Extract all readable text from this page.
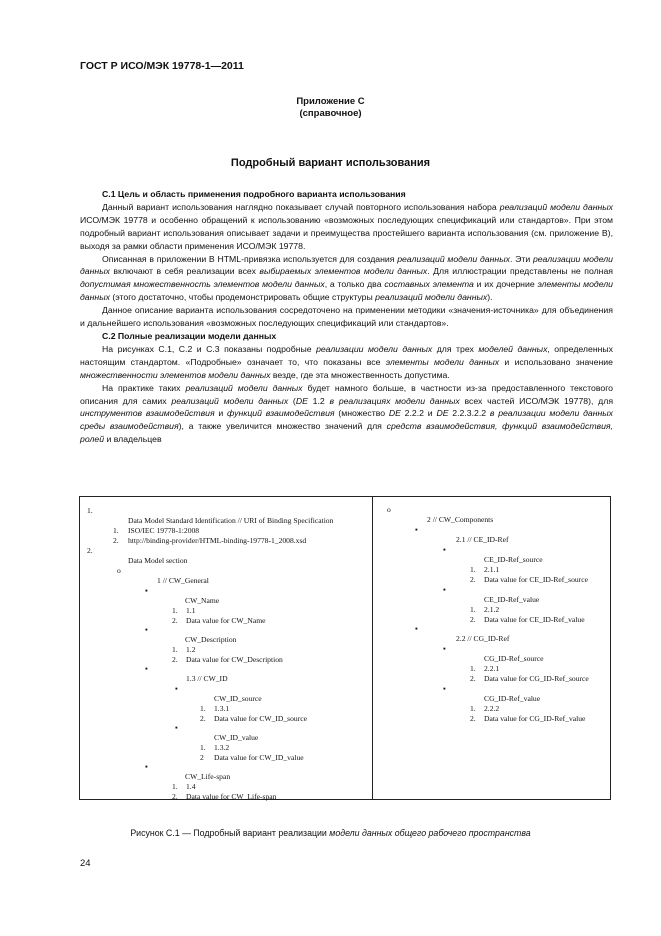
ГОСТ Р ИСО/МЭК 19778-1—2011
Приложение С
(справочное)
Подробный вариант использования

С.1 Цель и область применения подробного варианта использования

Данный вариант использования наглядно показывает случай повторного использования набора реализаций модели данных ИСО/МЭК 19778 и особенно обращений к использованию «возможных последующих спецификаций или стандартов». При этом подробный вариант использования описывает задачи и преимущества простейшего варианта использования (см. приложение В), выходя за рамки области применения ИСО/МЭК 19778.

Описанная в приложении В HTML-привязка используется для создания реализаций модели данных. Эти реализации модели данных включают в себя реализации всех выбираемых элементов модели данных. Для иллюстрации представлены не полная допустимая множественность элементов модели данных, а только два составных элемента и их дочерние элементы модели данных (этого достаточно, чтобы продемонстрировать общие структуры реализаций модели данных).

Данное описание варианта использования сосредоточено на применении методики «значения-источника» для объединения и дальнейшего использования «возможных последующих спецификаций или стандартов».

С.2 Полные реализации модели данных

На рисунках С.1, С.2 и С.3 показаны подробные реализации модели данных для трех моделей данных, определенных настоящим стандартом. «Подробные» означает то, что показаны все элементы модели данных и использовано значение множественности элементов модели данных везде, где эта множественность допустима.

На практике таких реализаций модели данных будет намного больше, в частности из-за предоставленного текстового описания для самих реализаций модели данных (DE 1.2 в реализациях модели данных всех частей ИСО/МЭК 19778), для инструментов взаимодействия и функций взаимодействия (множество DE 2.2.2 и DE 2.2.3.2.2 в реализации модели данных среды взаимодействия), а также увеличится множество значений для средств взаимодействия, функций взаимодействия, ролей и владельцев

1.
Data Model Standard Identification // URI of Binding Specification
1. ISO/IEC 19778-1:2008
2. http://binding-provider/HTML-binding-19778-1_2008.xsd
2.
Data Model section
o
1 // CW_General
▪
CW_Name
1. 1.1
2. Data value for CW_Name
▪
CW_Description
1. 1.2
2. Data value for CW_Description
▪
1.3 // CW_ID
▪
CW_ID_source
1. 1.3.1
2. Data value for CW_ID_source
▪
CW_ID_value
1. 1.3.2
2 Data value for CW_ID_value
▪
CW_Life-span
1. 1.4
2. Data value for CW_Life-span
o
2 // CW_Components
▪
2.1 // CE_ID-Ref
▪
CE_ID-Ref_source
1. 2.1.1
2. Data value for CE_ID-Ref_source
▪
CE_ID-Ref_value
1. 2.1.2
2. Data value for CE_ID-Ref_value
▪
2.2 // CG_ID-Ref
▪
CG_ID-Ref_source
1. 2.2.1
2. Data value for CG_ID-Ref_source
▪
CG_ID-Ref_value
1. 2.2.2
2. Data value for CG_ID-Ref_value
Рисунок С.1 — Подробный вариант реализации модели данных общего рабочего пространства
24
